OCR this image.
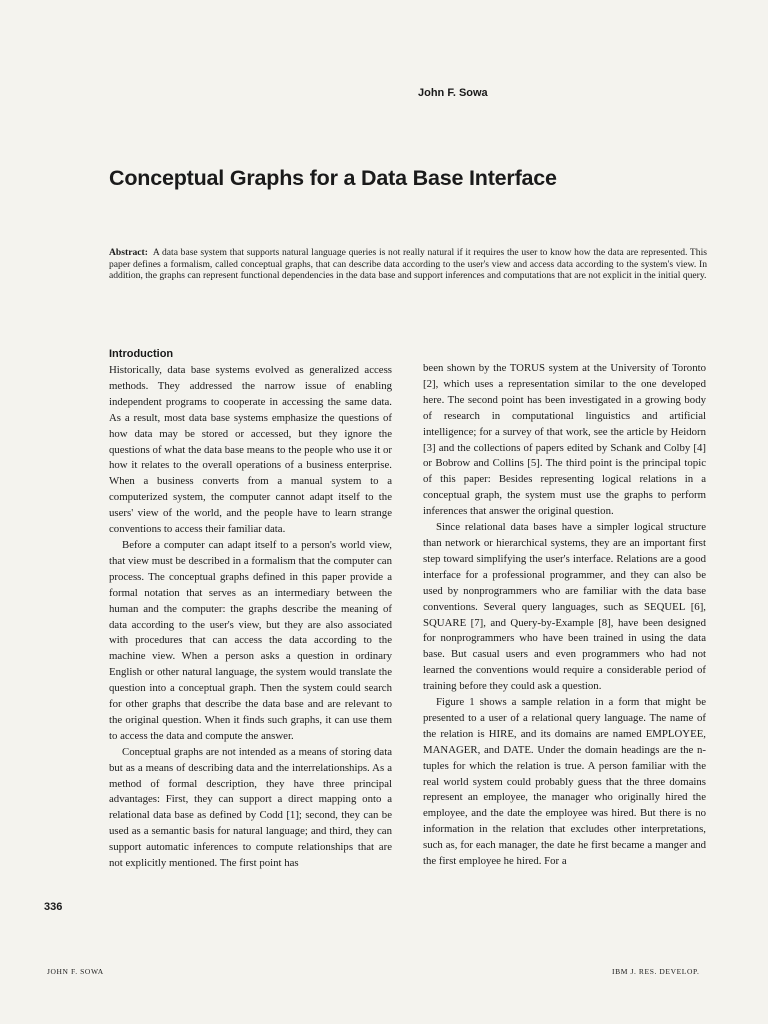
John F. Sowa
Conceptual Graphs for a Data Base Interface

Abstract: A data base system that supports natural language queries is not really natural if it requires the user to know how the data are represented. This paper defines a formalism, called conceptual graphs, that can describe data according to the user's view and access data according to the system's view. In addition, the graphs can represent functional dependencies in the data base and support inferences and computations that are not explicit in the initial query.

Introduction

Historically, data base systems evolved as generalized access methods. They addressed the narrow issue of enabling independent programs to cooperate in accessing the same data. As a result, most data base systems emphasize the questions of how data may be stored or accessed, but they ignore the questions of what the data base means to the people who use it or how it relates to the overall operations of a business enterprise. When a business converts from a manual system to a computerized system, the computer cannot adapt itself to the users' view of the world, and the people have to learn strange conventions to access their familiar data.

Before a computer can adapt itself to a person's world view, that view must be described in a formalism that the computer can process. The conceptual graphs defined in this paper provide a formal notation that serves as an intermediary between the human and the computer: the graphs describe the meaning of data according to the user's view, but they are also associated with procedures that can access the data according to the machine view. When a person asks a question in ordinary English or other natural language, the system would translate the question into a conceptual graph. Then the system could search for other graphs that describe the data base and are relevant to the original question. When it finds such graphs, it can use them to access the data and compute the answer.

Conceptual graphs are not intended as a means of storing data but as a means of describing data and the interrelationships. As a method of formal description, they have three principal advantages: First, they can support a direct mapping onto a relational data base as defined by Codd [1]; second, they can be used as a semantic basis for natural language; and third, they can support automatic inferences to compute relationships that are not explicitly mentioned. The first point has

been shown by the TORUS system at the University of Toronto [2], which uses a representation similar to the one developed here. The second point has been investigated in a growing body of research in computational linguistics and artificial intelligence; for a survey of that work, see the article by Heidorn [3] and the collections of papers edited by Schank and Colby [4] or Bobrow and Collins [5]. The third point is the principal topic of this paper: Besides representing logical relations in a conceptual graph, the system must use the graphs to perform inferences that answer the original question.

Since relational data bases have a simpler logical structure than network or hierarchical systems, they are an important first step toward simplifying the user's interface. Relations are a good interface for a professional programmer, and they can also be used by nonprogrammers who are familiar with the data base conventions. Several query languages, such as SEQUEL [6], SQUARE [7], and Query-by-Example [8], have been designed for nonprogrammers who have been trained in using the data base. But casual users and even programmers who had not learned the conventions would require a considerable period of training before they could ask a question.

Figure 1 shows a sample relation in a form that might be presented to a user of a relational query language. The name of the relation is HIRE, and its domains are named EMPLOYEE, MANAGER, and DATE. Under the domain headings are the n-tuples for which the relation is true. A person familiar with the real world system could probably guess that the three domains represent an employee, the manager who originally hired the employee, and the date the employee was hired. But there is no information in the relation that excludes other interpretations, such as, for each manager, the date he first became a manger and the first employee he hired. For a

336
JOHN F. SOWA	IBM J. RES. DEVELOP.
